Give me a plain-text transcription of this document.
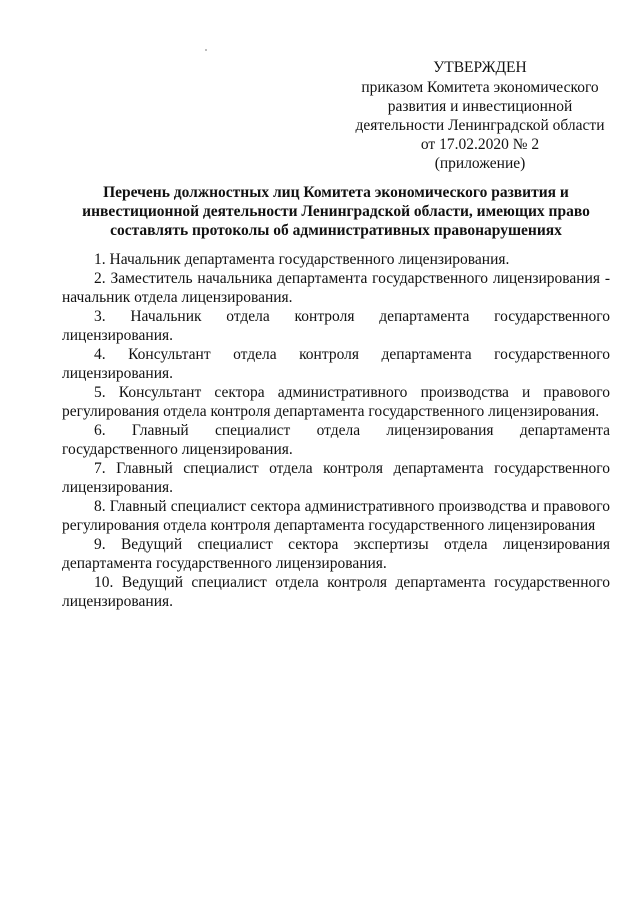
УТВЕРЖДЕН
приказом Комитета экономического
развития и инвестиционной
деятельности Ленинградской области
от 17.02.2020 № 2
(приложение)
Перечень должностных лиц Комитета экономического развития и
инвестиционной деятельности Ленинградской области, имеющих право
составлять протоколы об административных правонарушениях
1. Начальник департамента государственного лицензирования.
2. Заместитель начальника департамента государственного лицензирования - начальник отдела лицензирования.
3. Начальник отдела контроля департамента государственного лицензирования.
4. Консультант отдела контроля департамента государственного лицензирования.
5. Консультант сектора административного производства и правового регулирования отдела контроля департамента государственного лицензирования.
6. Главный специалист отдела лицензирования департамента государственного лицензирования.
7. Главный специалист отдела контроля департамента государственного лицензирования.
8. Главный специалист сектора административного производства и правового регулирования отдела контроля департамента государственного лицензирования
9. Ведущий специалист сектора экспертизы отдела лицензирования департамента государственного лицензирования.
10. Ведущий специалист отдела контроля департамента государственного лицензирования.
